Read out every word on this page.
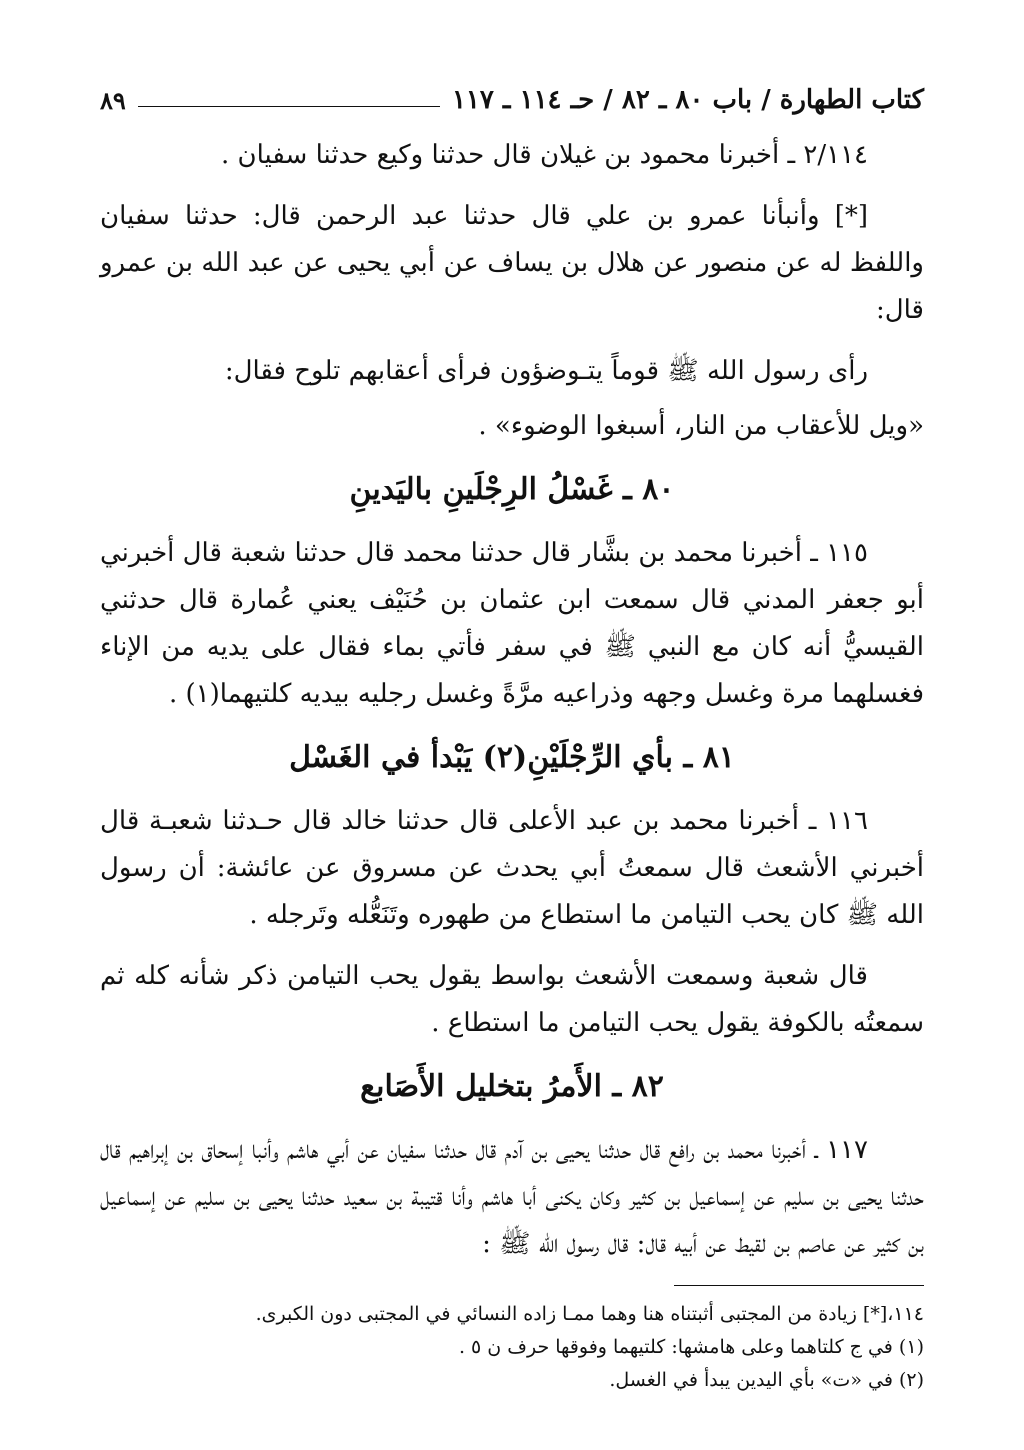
كتاب الطهارة / باب ٨٠ ـ ٨٢ / حـ ١١٤ ـ ١١٧
٨٩

٢/١١٤ ـ أخبرنا محمود بن غيلان قال حدثنا وكيع حدثنا سفيان .

[*] وأنبأنا عمرو بن علي قال حدثنا عبد الرحمن قال: حدثنا سفيان واللفظ له عن منصور عن هلال بن يساف عن أبي يحيى عن عبد الله بن عمرو قال:

رأى رسول الله ﷺ قوماً يتـوضؤون فرأى أعقابهم تلوح فقال:

«ويل للأعقاب من النار، أسبغوا الوضوء» .

٨٠ ـ غَسْلُ الرِجْلَينِ باليَدينِ

١١٥ ـ أخبرنا محمد بن بشَّار قال حدثنا محمد قال حدثنا شعبة قال أخبرني أبو جعفر المدني قال سمعت ابن عثمان بن حُنَيْف يعني عُمارة قال حدثني القيسيُّ أنه كان مع النبي ﷺ في سفر فأتي بماء فقال على يديه من الإناء فغسلهما مرة وغسل وجهه وذراعيه مرَّةً وغسل رجليه بيديه كلتيهما(١) .

٨١ ـ بأي الرِّجْلَيْنِ(٢) يَبْدأ في الغَسْل

١١٦ ـ أخبرنا محمد بن عبد الأعلى قال حدثنا خالد قال حـدثنا شعبـة قال أخبرني الأشعث قال سمعتُ أبي يحدث عن مسروق عن عائشة: أن رسول الله ﷺ كان يحب التيامن ما استطاع من طهوره وتَنَعُّله وتَرجله .

قال شعبة وسمعت الأشعث بواسط يقول يحب التيامن ذكر شأنه كله ثم سمعتُه بالكوفة يقول يحب التيامن ما استطاع .

٨٢ ـ الأَمرُ بتخليل الأَصَابع

١١٧ ـ أخبرنا محمد بن رافع قال حدثنا يحيى بن آدم قال حدثنا سفيان عن أبي هاشم وأنبا إسحاق بن إبراهيم قال حدثنا يحيى بن سليم عن إسماعيل بن كثير وكان يكنى أبا هاشم وأنا قتيبة بن سعيد حدثنا يحيى بن سليم عن إسماعيل بن كثير عن عاصم بن لقيط عن أبيه قال: قال رسول الله ﷺ :

١١٤،[*] زيادة من المجتبى أثبتناه هنا وهما ممـا زاده النسائي في المجتبى دون الكبرى.
(١) في ج كلتاهما وعلى هامشها: كلتيهما وفوقها حرف ن ٥ .
(٢) في «ت» بأي اليدين يبدأ في الغسل.
